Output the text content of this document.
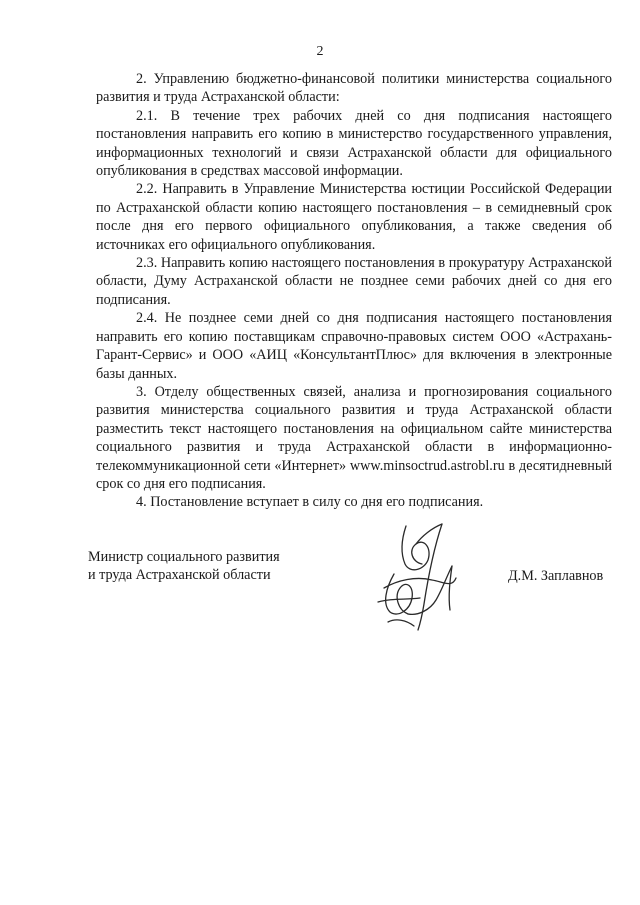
2

2. Управлению бюджетно-финансовой политики министерства социального развития и труда Астраханской области:

2.1. В течение трех рабочих дней со дня подписания настоящего постановления направить его копию в министерство государственного управления, информационных технологий и связи Астраханской области для официального опубликования в средствах массовой информации.

2.2. Направить в Управление Министерства юстиции Российской Федерации по Астраханской области копию настоящего постановления – в семидневный срок после дня его первого официального опубликования, а также сведения об источниках его официального опубликования.

2.3. Направить копию настоящего постановления в прокуратуру Астраханской области, Думу Астраханской области не позднее семи рабочих дней со дня его подписания.

2.4. Не позднее семи дней со дня подписания настоящего постановления направить его копию поставщикам справочно-правовых систем ООО «Астрахань-Гарант-Сервис» и ООО «АИЦ «КонсультантПлюс» для включения в электронные базы данных.

3. Отделу общественных связей, анализа и прогнозирования социального развития министерства социального развития и труда Астраханской области разместить текст настоящего постановления на официальном сайте министерства социального развития и труда Астраханской области в информационно-телекоммуникационной сети «Интернет» www.minsoctrud.astrobl.ru в десятидневный срок со дня его подписания.

4. Постановление вступает в силу со дня его подписания.

Министр социального развития
и труда Астраханской области	Д.М. Заплавнов
